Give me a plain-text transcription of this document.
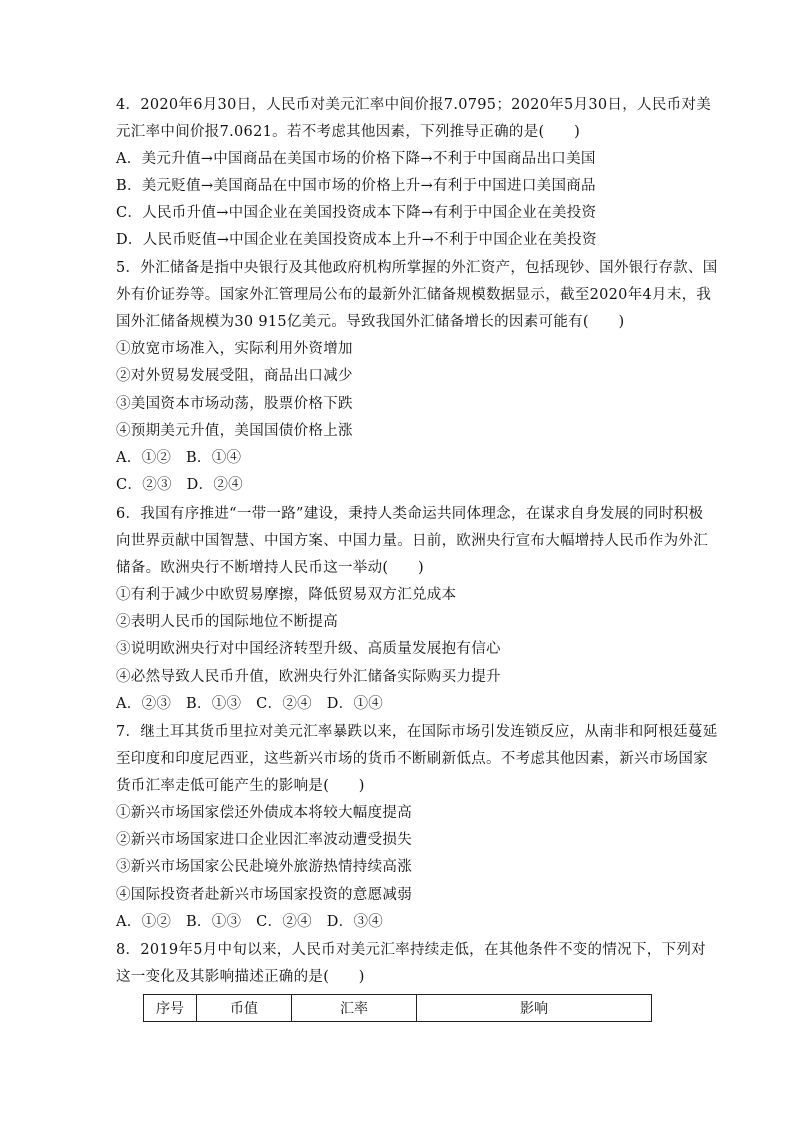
4．2020年6月30日，人民币对美元汇率中间价报7.0795；2020年5月30日，人民币对美
元汇率中间价报7.0621。若不考虑其他因素，下列推导正确的是(　　)
A．美元升值→中国商品在美国市场的价格下降→不利于中国商品出口美国
B．美元贬值→美国商品在中国市场的价格上升→有利于中国进口美国商品
C．人民币升值→中国企业在美国投资成本下降→有利于中国企业在美投资
D．人民币贬值→中国企业在美国投资成本上升→不利于中国企业在美投资
5．外汇储备是指中央银行及其他政府机构所掌握的外汇资产，包括现钞、国外银行存款、国
外有价证券等。国家外汇管理局公布的最新外汇储备规模数据显示，截至2020年4月末，我
国外汇储备规模为30 915亿美元。导致我国外汇储备增长的因素可能有(　　)
①放宽市场准入，实际利用外资增加
②对外贸易发展受阻，商品出口减少
③美国资本市场动荡，股票价格下跌
④预期美元升值，美国国债价格上涨
A．①②　B．①④
C．②③　D．②④
6．我国有序推进“一带一路”建设，秉持人类命运共同体理念，在谋求自身发展的同时积极
向世界贡献中国智慧、中国方案、中国力量。日前，欧洲央行宣布大幅增持人民币作为外汇
储备。欧洲央行不断增持人民币这一举动(　　)
①有利于减少中欧贸易摩擦，降低贸易双方汇兑成本
②表明人民币的国际地位不断提高
③说明欧洲央行对中国经济转型升级、高质量发展抱有信心
④必然导致人民币升值，欧洲央行外汇储备实际购买力提升
A．②③　B．①③　C．②④　D．①④
7．继土耳其货币里拉对美元汇率暴跌以来，在国际市场引发连锁反应，从南非和阿根廷蔓延
至印度和印度尼西亚，这些新兴市场的货币不断刷新低点。不考虑其他因素，新兴市场国家
货币汇率走低可能产生的影响是(　　)
①新兴市场国家偿还外债成本将较大幅度提高
②新兴市场国家进口企业因汇率波动遭受损失
③新兴市场国家公民赴境外旅游热情持续高涨
④国际投资者赴新兴市场国家投资的意愿减弱
A．①②　B．①③　C．②④　D．③④
8．2019年5月中旬以来，人民币对美元汇率持续走低，在其他条件不变的情况下，下列对
这一变化及其影响描述正确的是(　　)
序号	币值	汇率	影响
